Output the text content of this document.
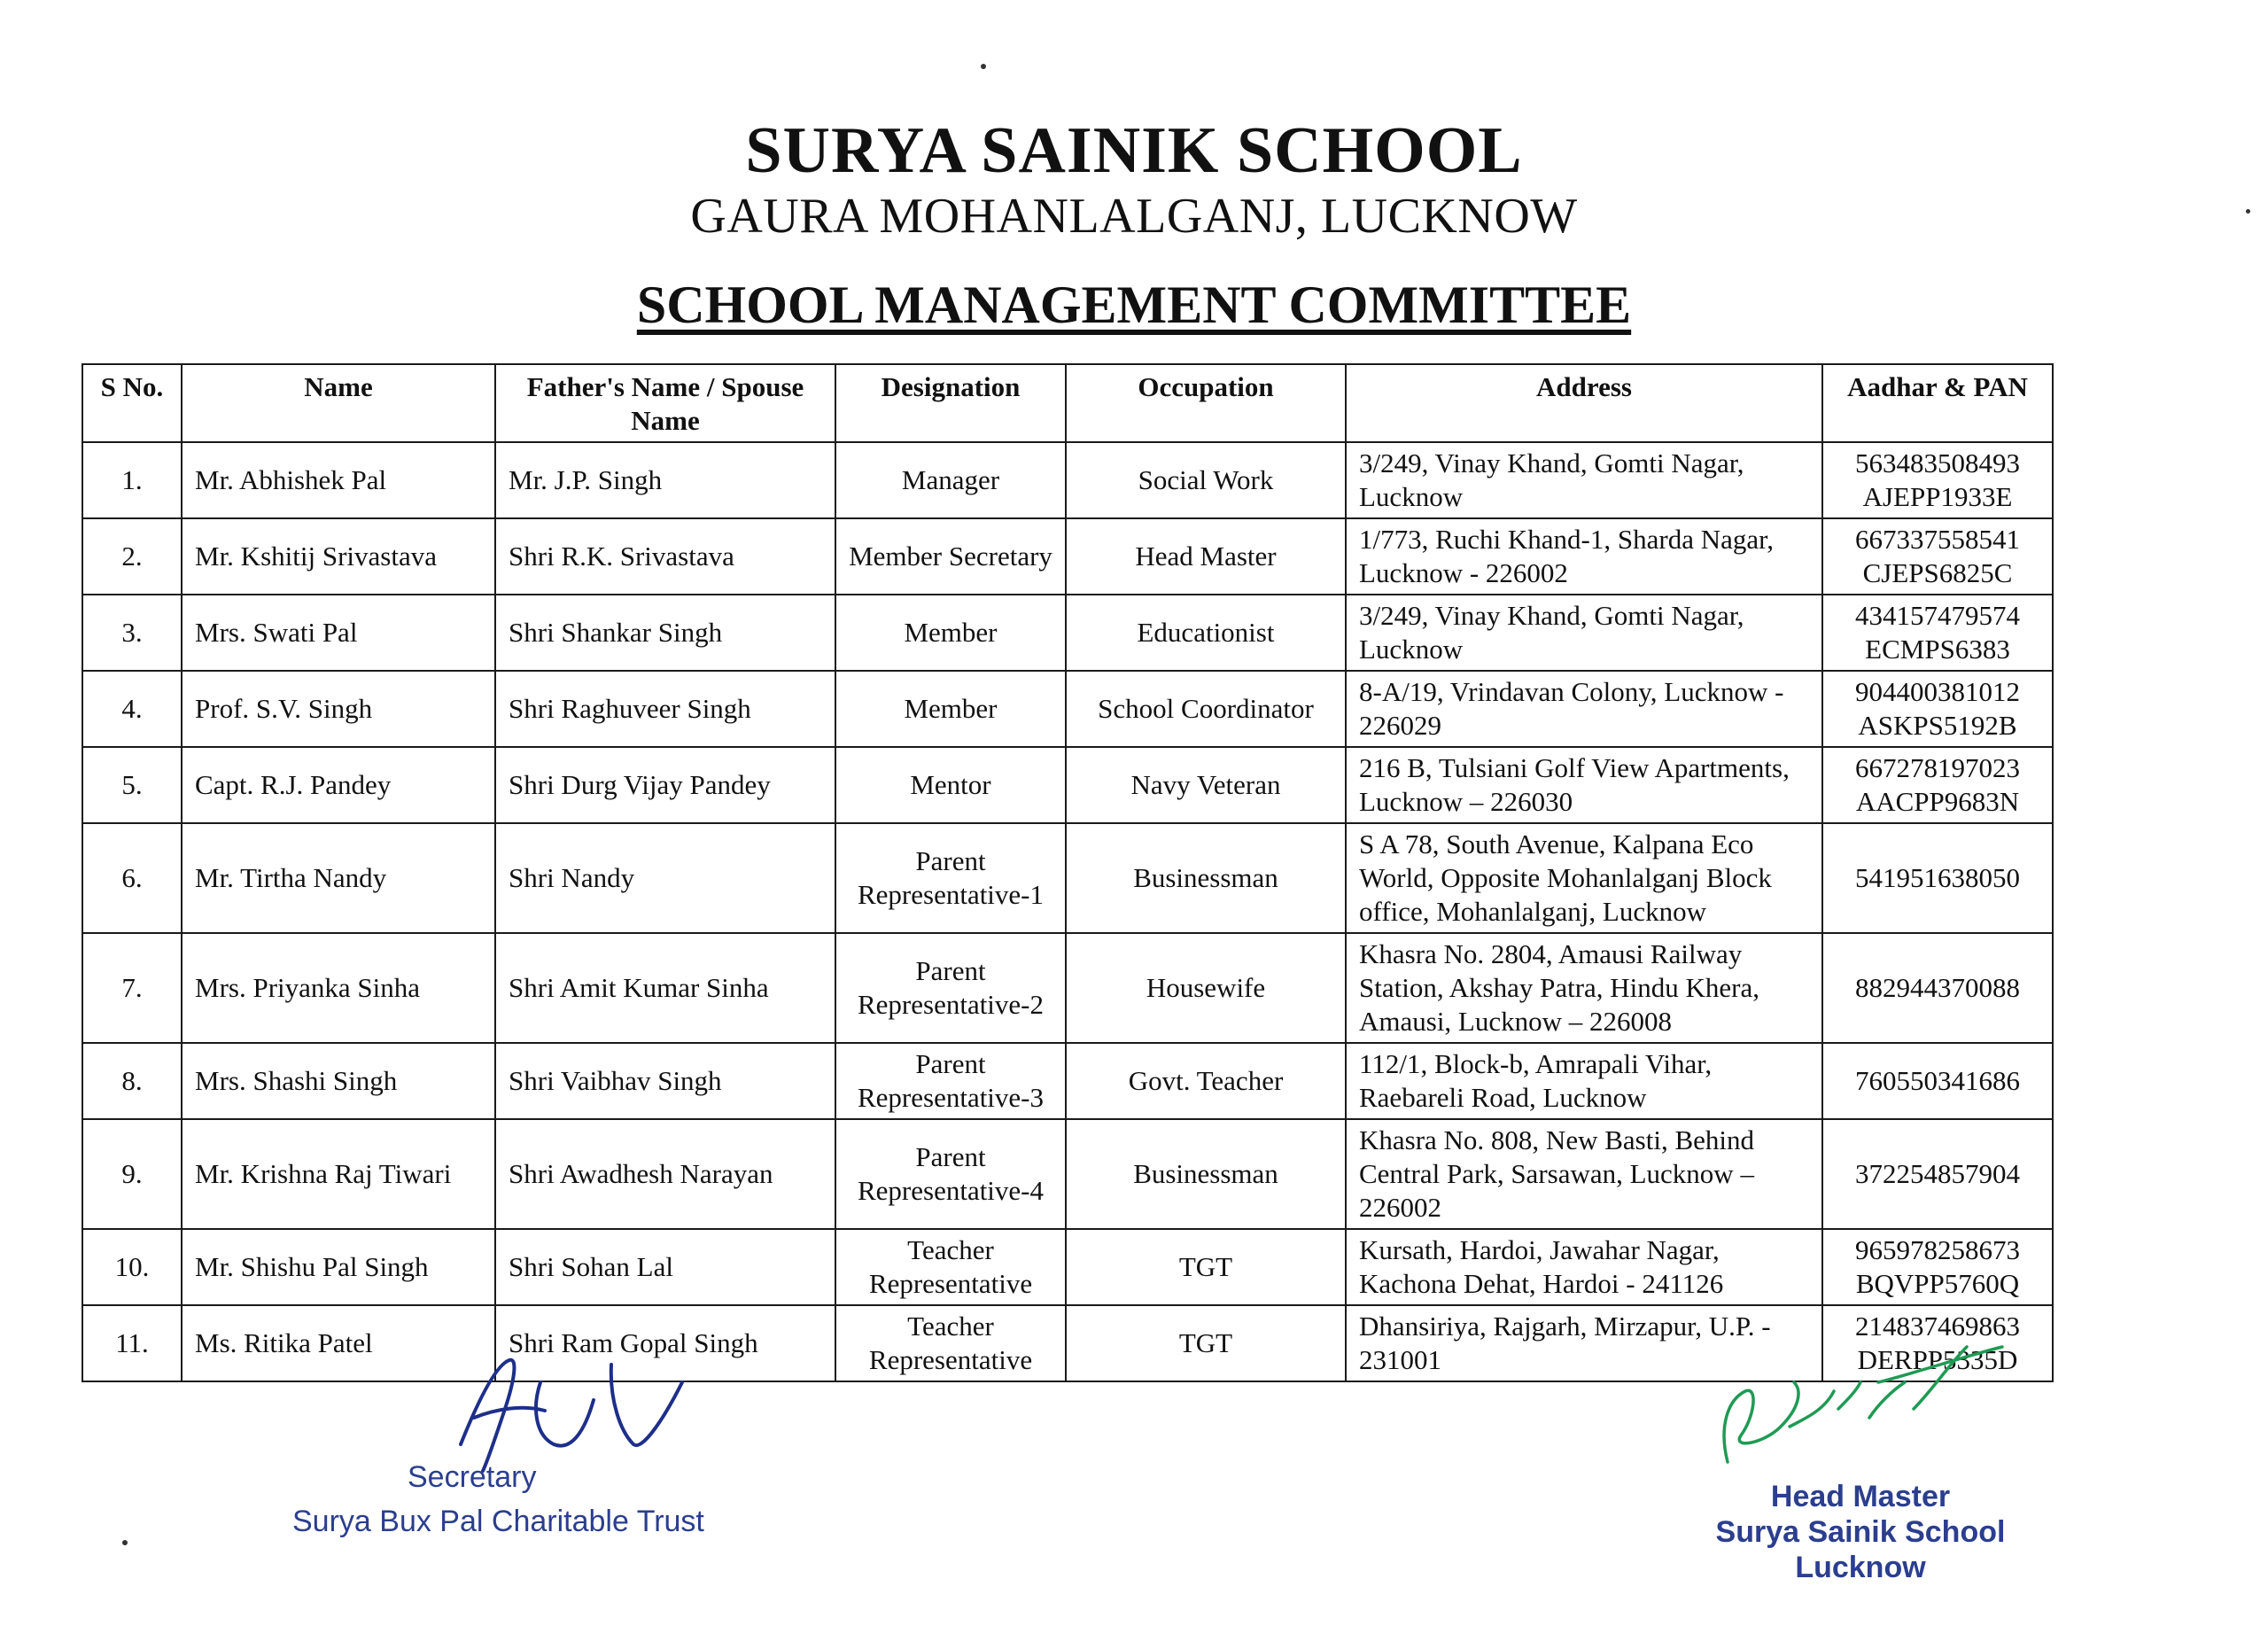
SURYA SAINIK SCHOOL
GAURA MOHANLALGANJ, LUCKNOW
SCHOOL MANAGEMENT COMMITTEE
S No.	Name	Father's Name / Spouse Name	Designation	Occupation	Address	Aadhar & PAN
1.	Mr. Abhishek Pal	Mr. J.P. Singh	Manager	Social Work	3/249, Vinay Khand, Gomti Nagar, Lucknow	563483508493
AJEPP1933E

2.	Mr. Kshitij Srivastava	Shri R.K. Srivastava	Member Secretary	Head Master	1/773, Ruchi Khand-1, Sharda Nagar, Lucknow - 226002	667337558541
CJEPS6825C

3.	Mrs. Swati Pal	Shri Shankar Singh	Member	Educationist	3/249, Vinay Khand, Gomti Nagar, Lucknow	434157479574
ECMPS6383

4.	Prof. S.V. Singh	Shri Raghuveer Singh	Member	School Coordinator	8-A/19, Vrindavan Colony, Lucknow - 226029	904400381012
ASKPS5192B

5.	Capt. R.J. Pandey	Shri Durg Vijay Pandey	Mentor	Navy Veteran	216 B, Tulsiani Golf View Apartments, Lucknow – 226030	667278197023
AACPP9683N

6.	Mr. Tirtha Nandy	Shri Nandy	Parent Representative-1	Businessman	S A 78, South Avenue, Kalpana Eco World, Opposite Mohanlalganj Block office, Mohanlalganj, Lucknow	541951638050

7.	Mrs. Priyanka Sinha	Shri Amit Kumar Sinha	Parent Representative-2	Housewife	Khasra No. 2804, Amausi Railway Station, Akshay Patra, Hindu Khera, Amausi, Lucknow – 226008	882944370088

8.	Mrs. Shashi Singh	Shri Vaibhav Singh	Parent Representative-3	Govt. Teacher	112/1, Block-b, Amrapali Vihar, Raebareli Road, Lucknow	760550341686

9.	Mr. Krishna Raj Tiwari	Shri Awadhesh Narayan	Parent Representative-4	Businessman	Khasra No. 808, New Basti, Behind Central Park, Sarsawan, Lucknow – 226002	372254857904

10.	Mr. Shishu Pal Singh	Shri Sohan Lal	Teacher Representative	TGT	Kursath, Hardoi, Jawahar Nagar, Kachona Dehat, Hardoi - 241126	965978258673
BQVPP5760Q

11.	Ms. Ritika Patel	Shri Ram Gopal Singh	Teacher Representative	TGT	Dhansiriya, Rajgarh, Mirzapur, U.P. - 231001	214837469863
DERPP5335D
Secretary
Surya Bux Pal Charitable Trust
Head Master
Surya Sainik School
Lucknow
